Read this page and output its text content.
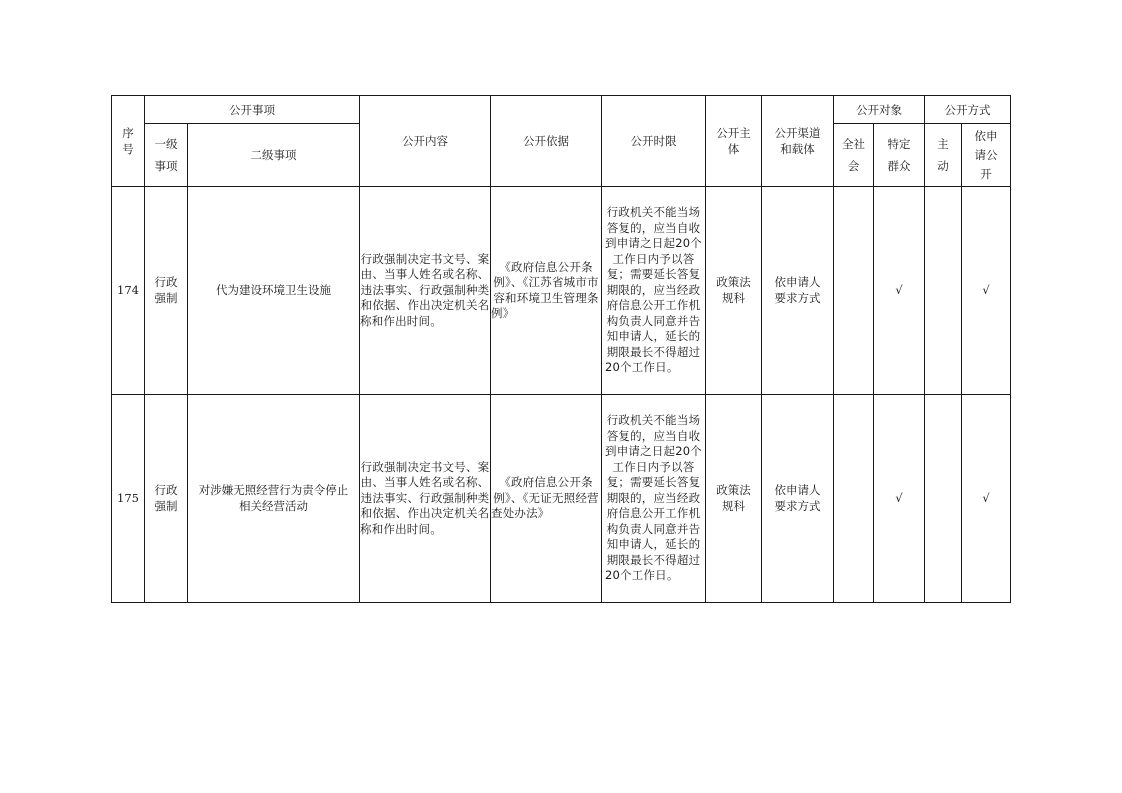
序号	公开事项		公开内容	公开依据	公开时限	公开主体	公开渠道和载体	公开对象		公开方式	
	一级事项	二级事项						全社会	特定群众	主动	依申请公开
174	行政强制	代为建设环境卫生设施	行政强制决定书文号、案由、当事人姓名或名称、违法事实、行政强制种类和依据、作出决定机关名称和作出时间。	《政府信息公开条例》、《江苏省城市市容和环境卫生管理条例》	行政机关不能当场答复的，应当自收到申请之日起20个工作日内予以答复；需要延长答复期限的，应当经政府信息公开工作机构负责人同意并告知申请人，延长的期限最长不得超过20个工作日。	政策法规科	依申请人要求方式		√		√
175	行政强制	对涉嫌无照经营行为责令停止相关经营活动	行政强制决定书文号、案由、当事人姓名或名称、违法事实、行政强制种类和依据、作出决定机关名称和作出时间。	《政府信息公开条例》、《无证无照经营查处办法》	行政机关不能当场答复的，应当自收到申请之日起20个工作日内予以答复；需要延长答复期限的，应当经政府信息公开工作机构负责人同意并告知申请人，延长的期限最长不得超过20个工作日。	政策法规科	依申请人要求方式		√		√
